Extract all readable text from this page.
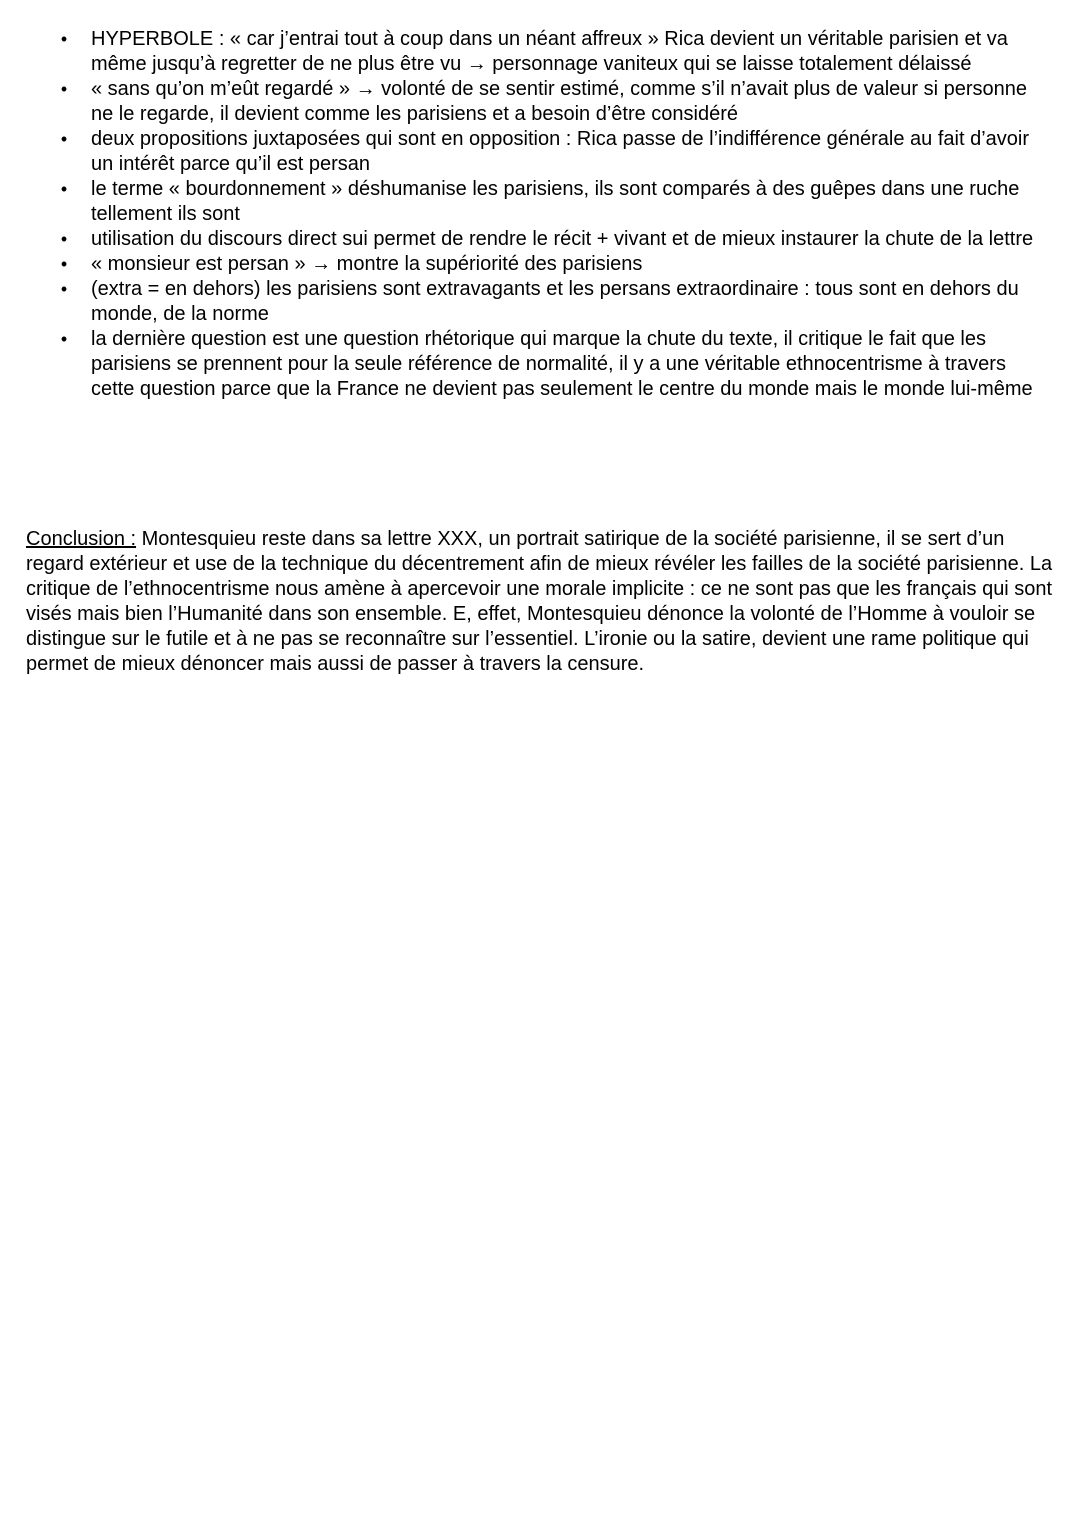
• HYPERBOLE : « car j’entrai tout à coup dans un néant affreux » Rica devient un véritable parisien et va même jusqu’à regretter de ne plus être vu → personnage vaniteux qui se laisse totalement délaissé
• « sans qu’on m’eût regardé » → volonté de se sentir estimé, comme s’il n’avait plus de valeur si personne ne le regarde, il devient comme les parisiens et a besoin d’être considéré
• deux propositions juxtaposées qui sont en opposition : Rica passe de l’indifférence générale au fait d’avoir un intérêt parce qu’il est persan
• le terme « bourdonnement » déshumanise les parisiens, ils sont comparés à des guêpes dans une ruche tellement ils sont
• utilisation du discours direct sui permet de rendre le récit + vivant et de mieux instaurer la chute de la lettre
• « monsieur est persan » → montre la supériorité des parisiens
• (extra = en dehors) les parisiens sont extravagants et les persans extraordinaire : tous sont en dehors du monde, de la norme
• la dernière question est une question rhétorique qui marque la chute du texte, il critique le fait que les parisiens se prennent pour la seule référence de normalité, il y a une véritable ethnocentrisme à travers cette question parce que la France ne devient pas seulement le centre du monde mais le monde lui-même

Conclusion : Montesquieu reste dans sa lettre XXX, un portrait satirique de la société parisienne, il se sert d’un regard extérieur et use de la technique du décentrement afin de mieux révéler les failles de la société parisienne. La critique de l’ethnocentrisme nous amène à apercevoir une morale implicite : ce ne sont pas que les français qui sont visés mais bien l’Humanité dans son ensemble. E, effet, Montesquieu dénonce la volonté de l’Homme à vouloir se distingue sur le futile et à ne pas se reconnaître sur l’essentiel. L’ironie ou la satire, devient une rame politique qui permet de mieux dénoncer mais aussi de passer à travers la censure.
